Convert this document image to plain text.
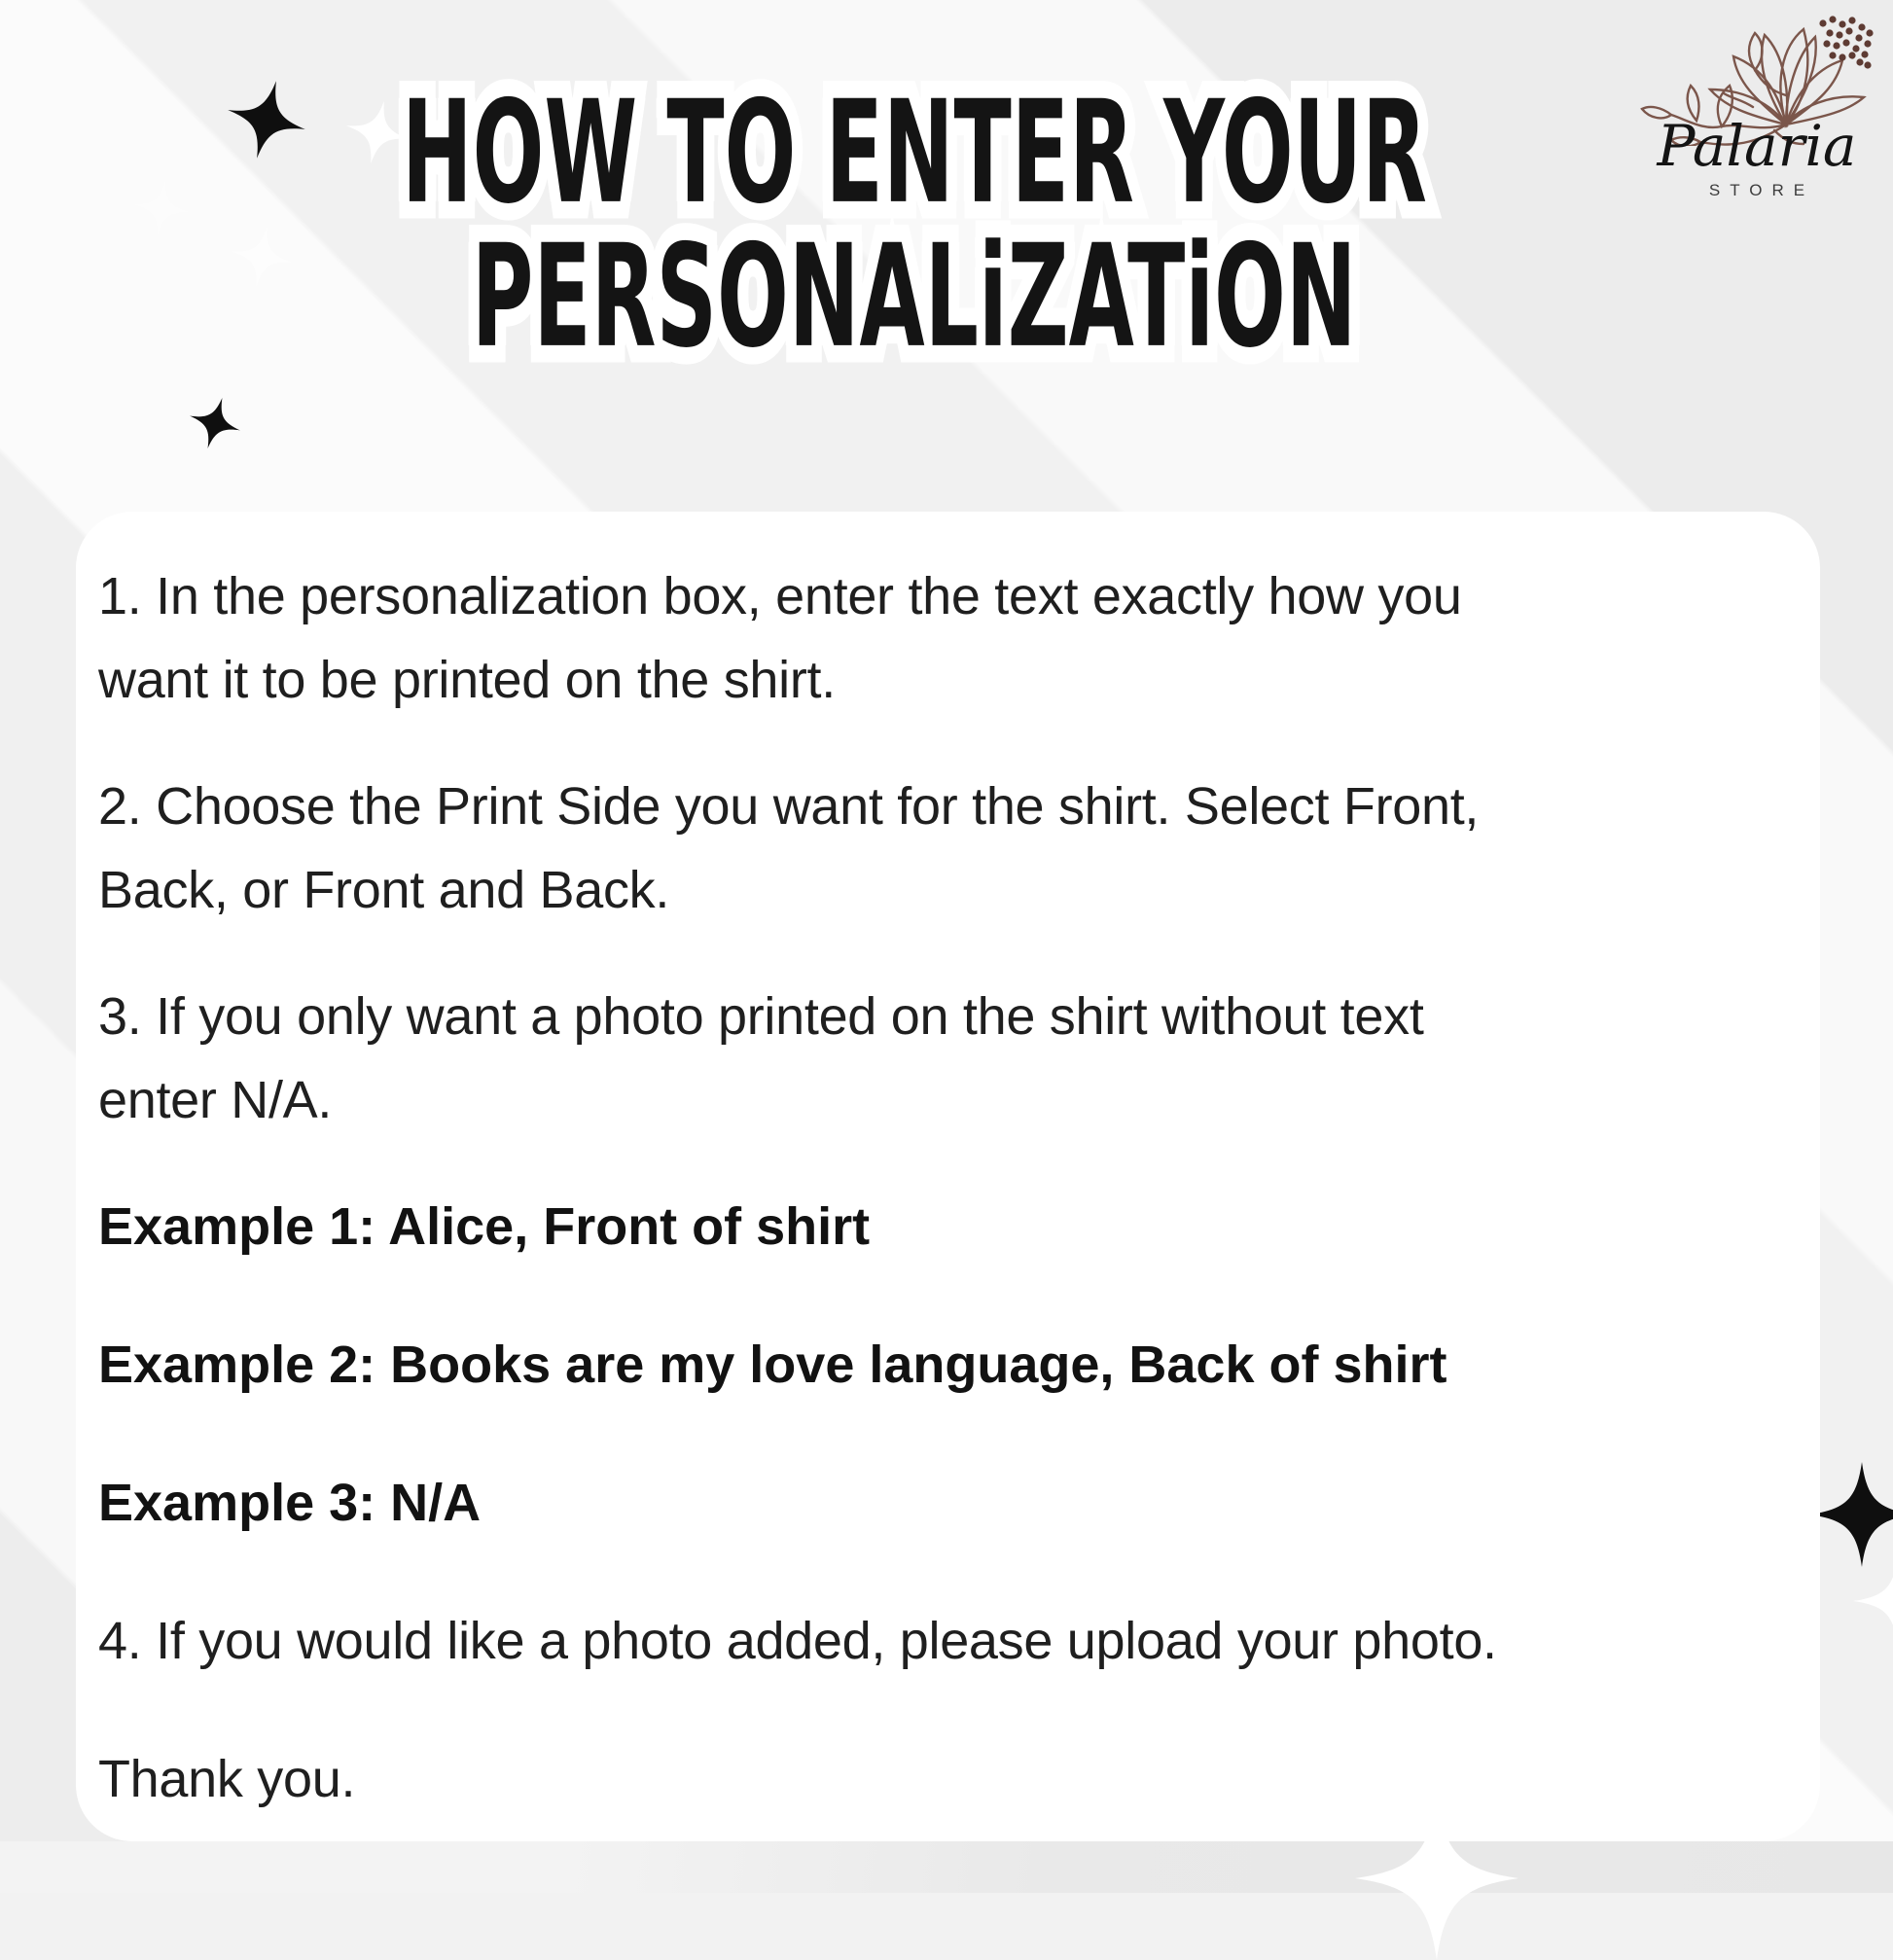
Palaria
STORE
HOW TO ENTER YOUR HOW TO ENTER YOUR
PERSONALiZATiON PERSONALiZATiON

1. In the personalization box, enter the text exactly how you
want it to be printed on the shirt.

2. Choose the Print Side you want for the shirt. Select Front,
Back, or Front and Back.

3. If you only want a photo printed on the shirt without text
enter N/A.

Example 1: Alice, Front of shirt

Example 2: Books are my love language, Back of shirt

Example 3: N/A

4. If you would like a photo added, please upload your photo.

Thank you.
